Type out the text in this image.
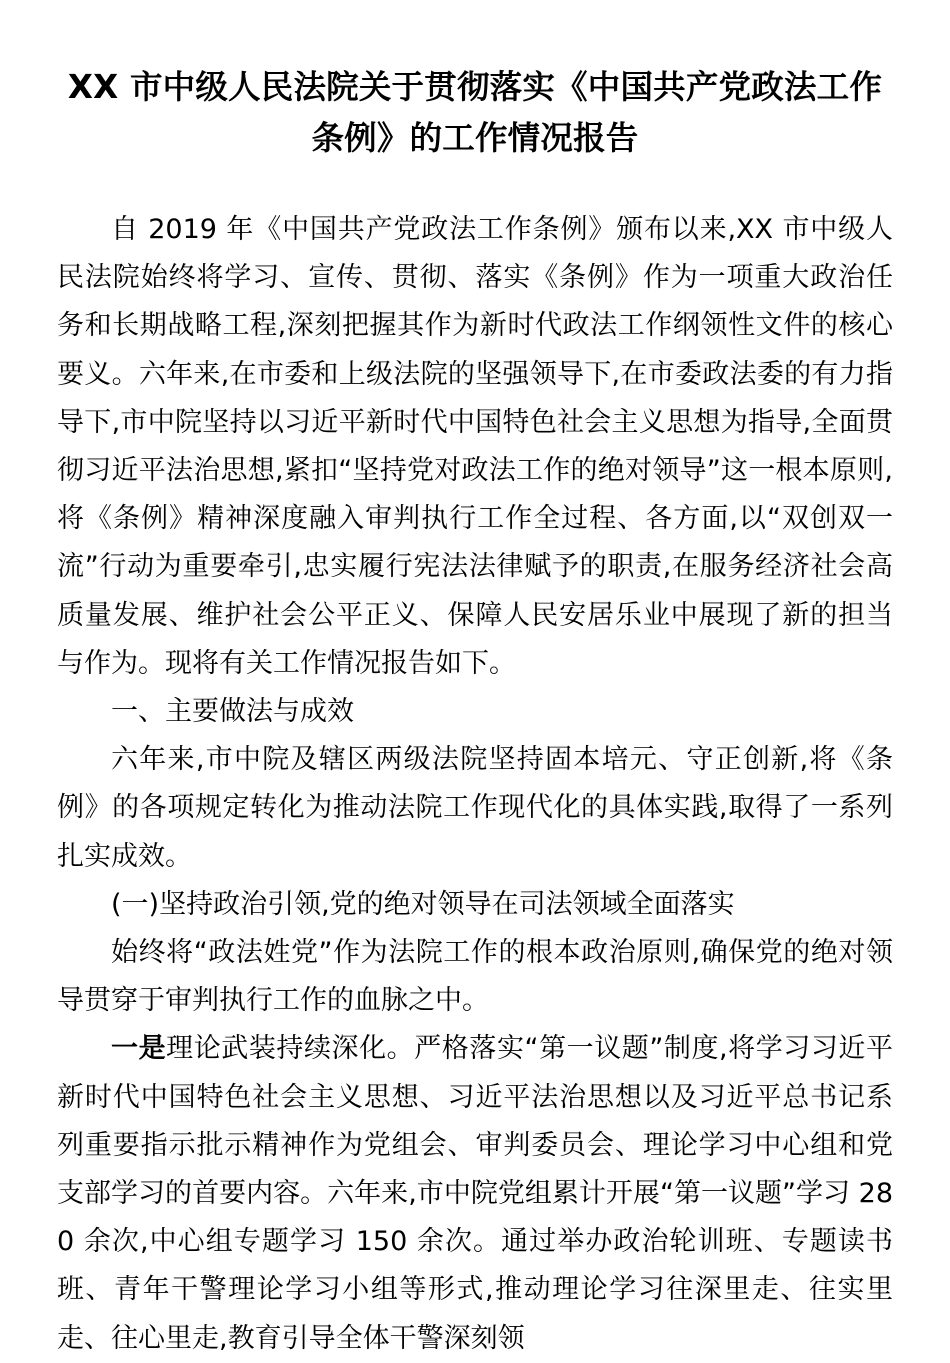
XX 市中级人民法院关于贯彻落实《中国共产党政法工作条例》的工作情况报告

自 2019 年《中国共产党政法工作条例》颁布以来,XX 市中级人民法院始终将学习、宣传、贯彻、落实《条例》作为一项重大政治任务和长期战略工程,深刻把握其作为新时代政法工作纲领性文件的核心要义。六年来,在市委和上级法院的坚强领导下,在市委政法委的有力指导下,市中院坚持以习近平新时代中国特色社会主义思想为指导,全面贯彻习近平法治思想,紧扣“坚持党对政法工作的绝对领导”这一根本原则,将《条例》精神深度融入审判执行工作全过程、各方面,以“双创双一流”行动为重要牵引,忠实履行宪法法律赋予的职责,在服务经济社会高质量发展、维护社会公平正义、保障人民安居乐业中展现了新的担当与作为。现将有关工作情况报告如下。

一、主要做法与成效

六年来,市中院及辖区两级法院坚持固本培元、守正创新,将《条例》的各项规定转化为推动法院工作现代化的具体实践,取得了一系列扎实成效。

(一)坚持政治引领,党的绝对领导在司法领域全面落实

始终将“政法姓党”作为法院工作的根本政治原则,确保党的绝对领导贯穿于审判执行工作的血脉之中。

一是理论武装持续深化。严格落实“第一议题”制度,将学习习近平新时代中国特色社会主义思想、习近平法治思想以及习近平总书记系列重要指示批示精神作为党组会、审判委员会、理论学习中心组和党支部学习的首要内容。六年来,市中院党组累计开展“第一议题”学习 280 余次,中心组专题学习 150 余次。通过举办政治轮训班、专题读书班、青年干警理论学习小组等形式,推动理论学习往深里走、往实里走、往心里走,教育引导全体干警深刻领
